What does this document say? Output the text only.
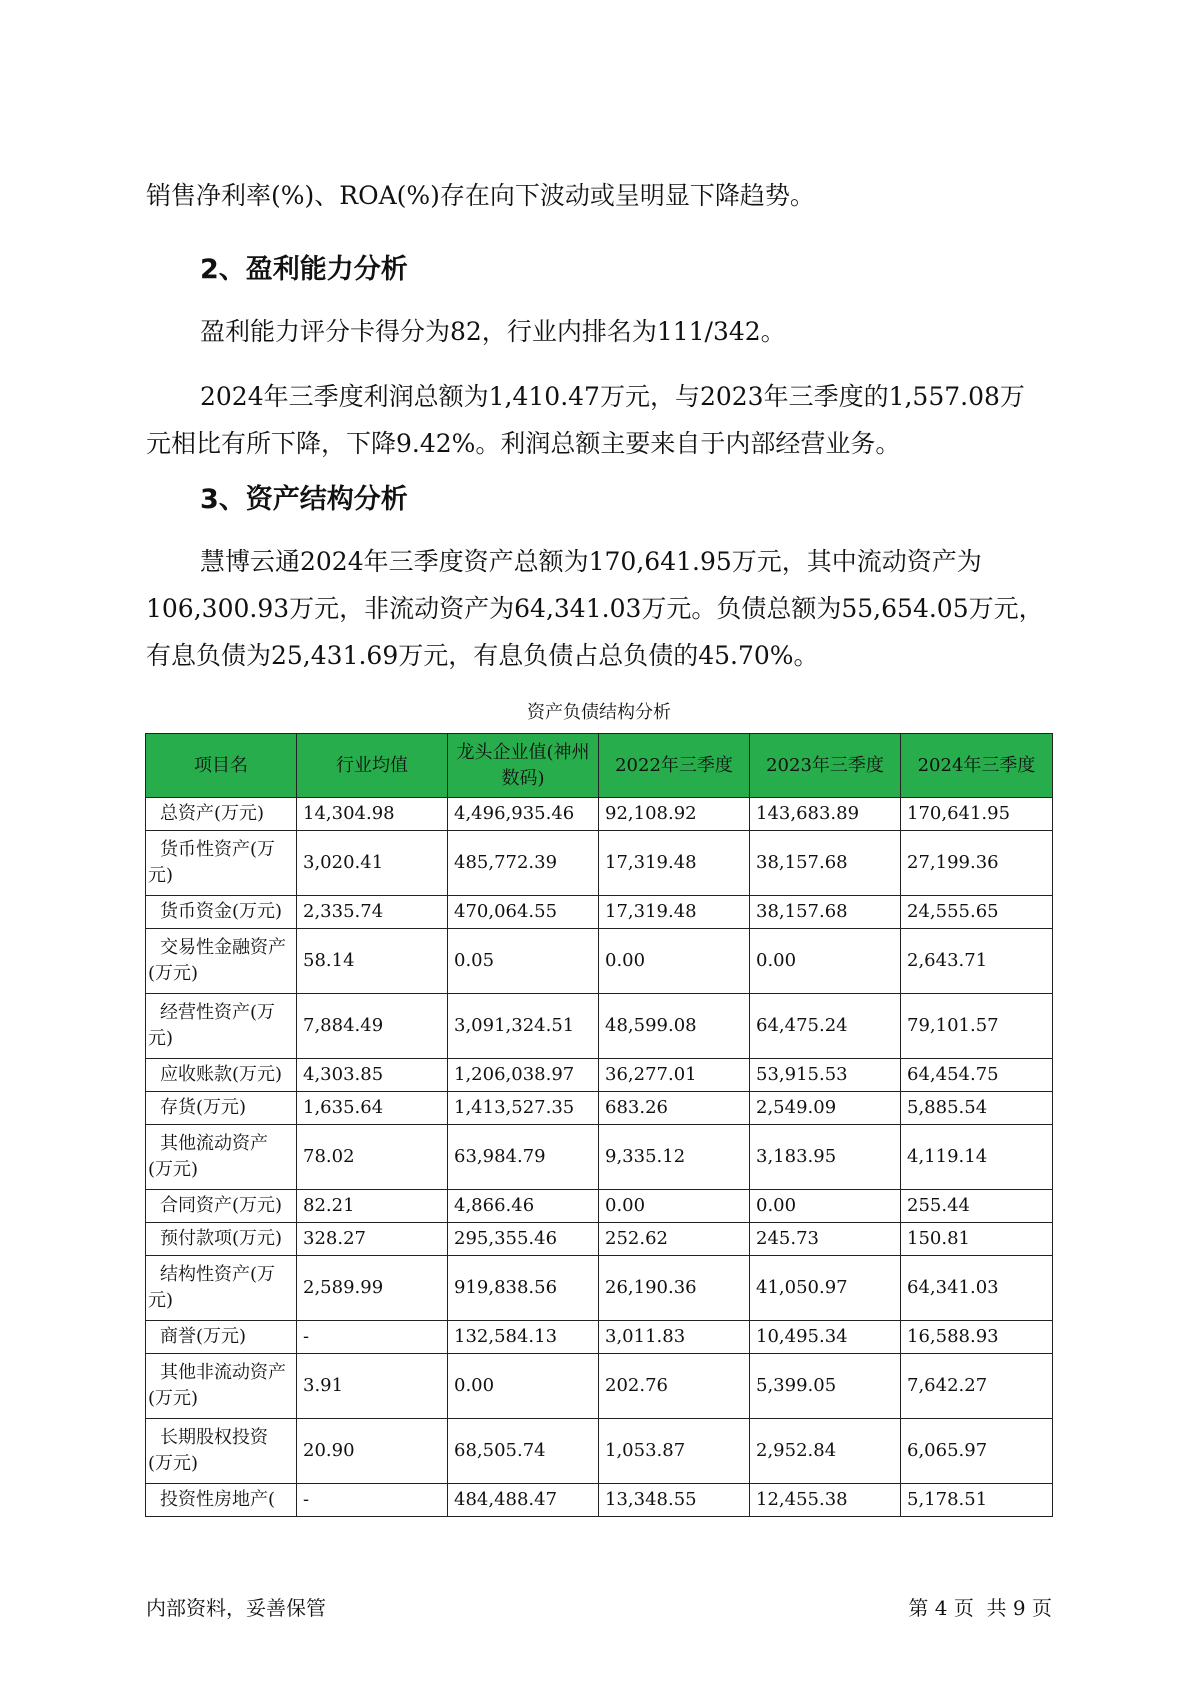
销售净利率(%)、ROA(%)存在向下波动或呈明显下降趋势。

2、盈利能力分析

盈利能力评分卡得分为82，行业内排名为111/342。

2024年三季度利润总额为1,410.47万元，与2023年三季度的1,557.08万元相比有所下降，下降9.42%。利润总额主要来自于内部经营业务。

3、资产结构分析

慧博云通2024年三季度资产总额为170,641.95万元，其中流动资产为106,300.93万元，非流动资产为64,341.03万元。负债总额为55,654.05万元，有息负债为25,431.69万元，有息负债占总负债的45.70%。

资产负债结构分析

项目名	行业均值	龙头企业值(神州数码)	2022年三季度	2023年三季度	2024年三季度
总资产(万元)	14,304.98	4,496,935.46	92,108.92	143,683.89	170,641.95
货币性资产(万元)	3,020.41	485,772.39	17,319.48	38,157.68	27,199.36
货币资金(万元)	2,335.74	470,064.55	17,319.48	38,157.68	24,555.65
交易性金融资产(万元)	58.14	0.05	0.00	0.00	2,643.71
经营性资产(万元)	7,884.49	3,091,324.51	48,599.08	64,475.24	79,101.57
应收账款(万元)	4,303.85	1,206,038.97	36,277.01	53,915.53	64,454.75
存货(万元)	1,635.64	1,413,527.35	683.26	2,549.09	5,885.54
其他流动资产(万元)	78.02	63,984.79	9,335.12	3,183.95	4,119.14
合同资产(万元)	82.21	4,866.46	0.00	0.00	255.44
预付款项(万元)	328.27	295,355.46	252.62	245.73	150.81
结构性资产(万元)	2,589.99	919,838.56	26,190.36	41,050.97	64,341.03
商誉(万元)	-	132,584.13	3,011.83	10,495.34	16,588.93
其他非流动资产(万元)	3.91	0.00	202.76	5,399.05	7,642.27
长期股权投资(万元)	20.90	68,505.74	1,053.87	2,952.84	6,065.97
投资性房地产(	-	484,488.47	13,348.55	12,455.38	5,178.51

内部资料，妥善保管	第 4 页  共 9 页
